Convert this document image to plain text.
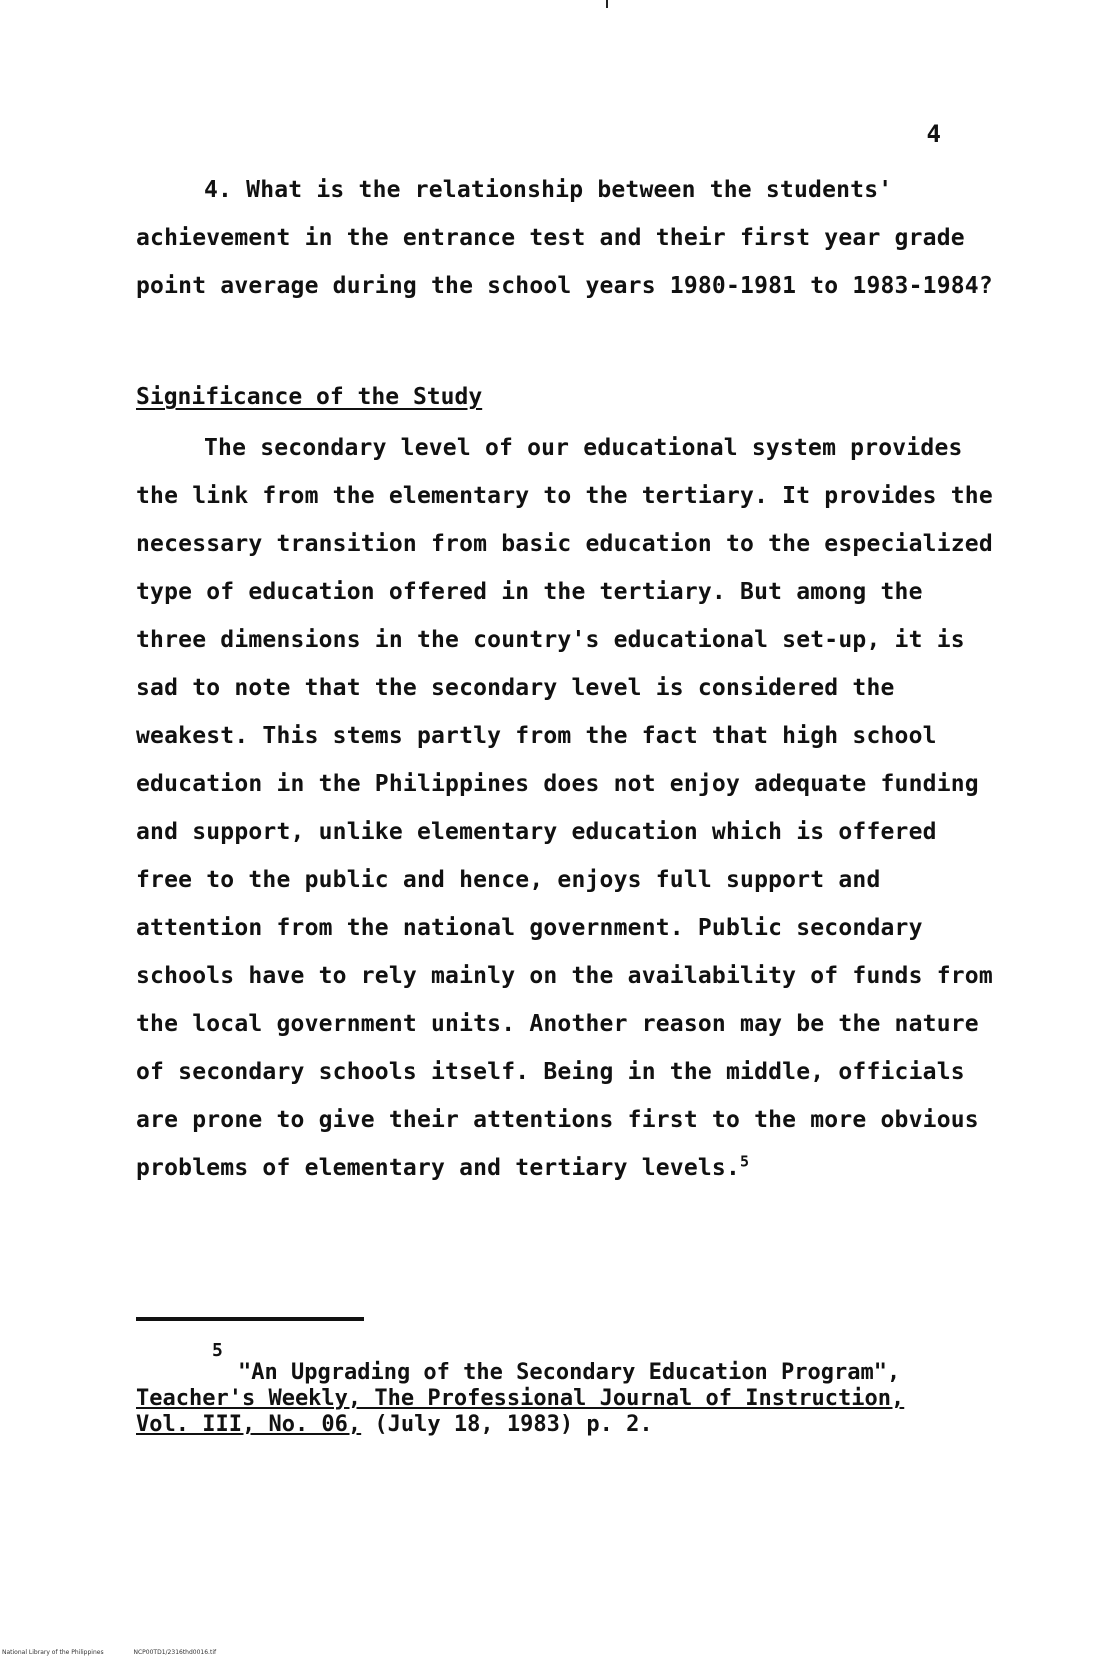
4
4. What is the relationship between the students' achievement in the entrance test and their first year grade point average during the school years 1980-1981 to 1983-1984?
Significance of the Study
The secondary level of our educational system provides the link from the elementary to the tertiary. It provides the necessary transition from basic education to the especialized type of education offered in the tertiary. But among the three dimensions in the country's educational set-up, it is sad to note that the secondary level is considered the weakest. This stems partly from the fact that high school education in the Philippines does not enjoy adequate funding and support, unlike elementary education which is offered free to the public and hence, enjoys full support and attention from the national government. Public secondary schools have to rely mainly on the availability of funds from the local government units. Another reason may be the nature of secondary schools itself. Being in the middle, officials are prone to give their attentions first to the more obvious problems of elementary and tertiary levels.$^5$
5
"An Upgrading of the Secondary Education Program",
Teacher's Weekly, The Professional Journal of Instruction,
Vol. III, No. 06, (July 18, 1983) p. 2.
National Library of the Philippines	NCP00TD1/2316thd0016.tif
